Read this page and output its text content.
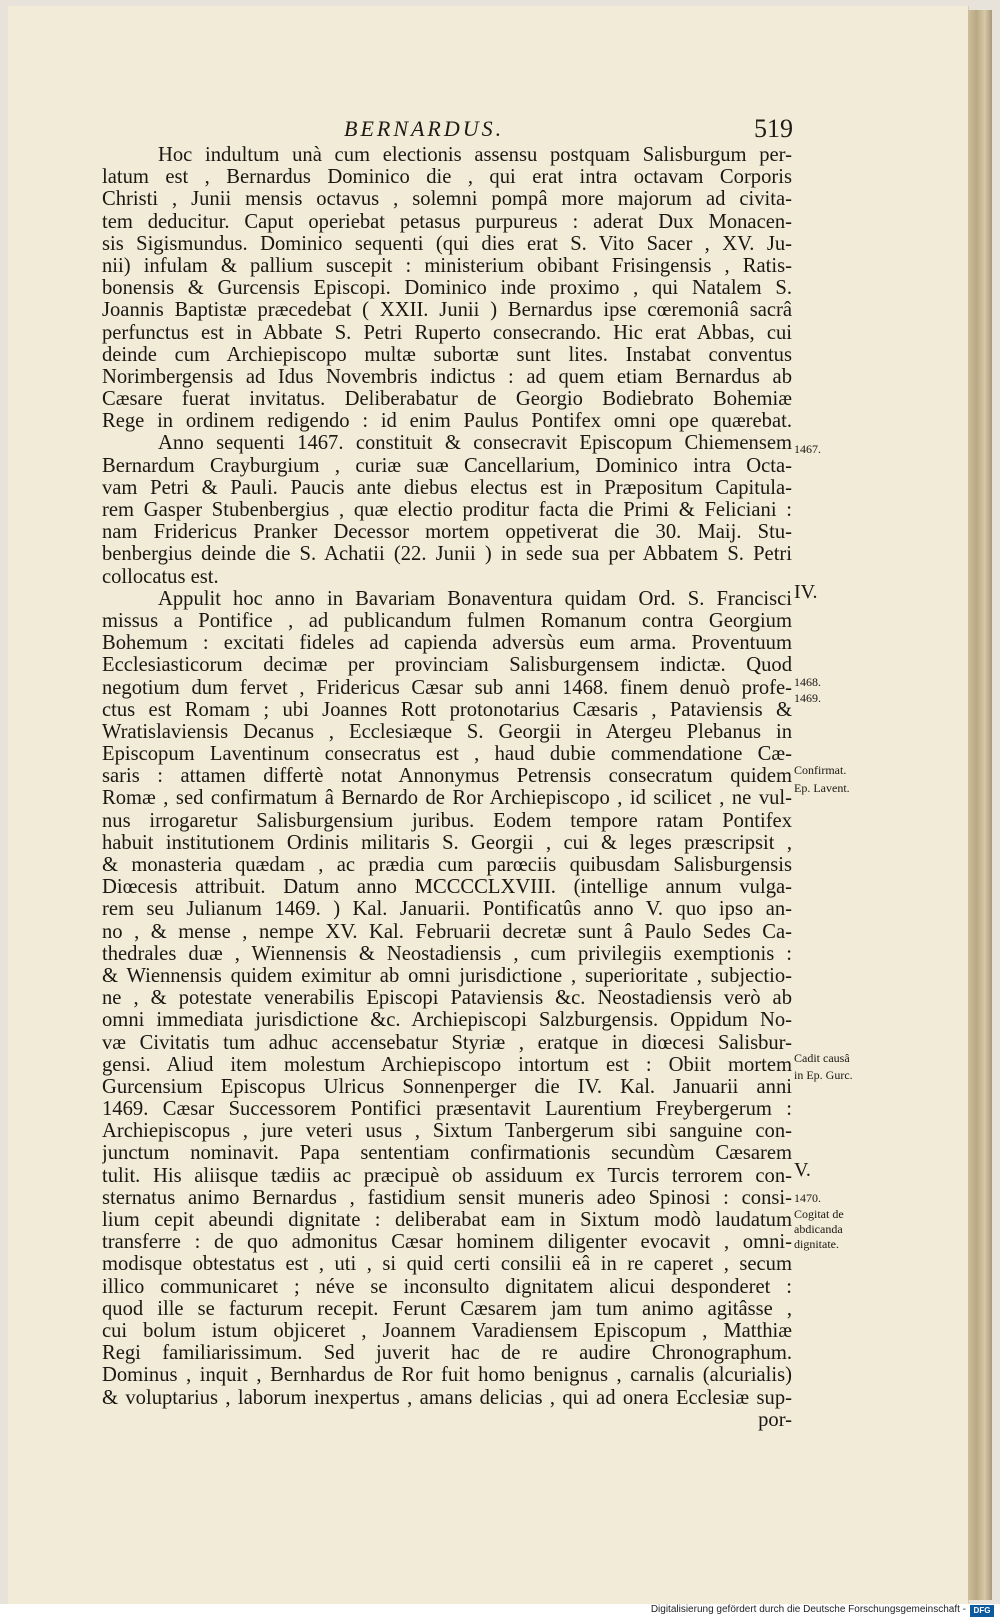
BERNARDUS.	519
Hoc indultum unà cum electionis assensu postquam Salisburgum per-
latum est , Bernardus Dominico die , qui erat intra octavam Corporis
Christi , Junii mensis octavus , solemni pompâ more majorum ad civita-
tem deducitur. Caput operiebat petasus purpureus : aderat Dux Monacen-
sis Sigismundus. Dominico sequenti (qui dies erat S. Vito Sacer , XV. Ju-
nii) infulam & pallium suscepit : ministerium obibant Frisingensis , Ratis-
bonensis & Gurcensis Episcopi. Dominico inde proximo , qui Natalem S.
Joannis Baptistæ præcedebat ( XXII. Junii ) Bernardus ipse cœremoniâ sacrâ
perfunctus est in Abbate S. Petri Ruperto consecrando. Hic erat Abbas, cui
deinde cum Archiepiscopo multæ subortæ sunt lites. Instabat conventus
Norimbergensis ad Idus Novembris indictus : ad quem etiam Bernardus ab
Cæsare fuerat invitatus. Deliberabatur de Georgio Bodiebrato Bohemiæ
Rege in ordinem redigendo : id enim Paulus Pontifex omni ope quærebat.
Anno sequenti 1467. constituit & consecravit Episcopum Chiemensem
Bernardum Crayburgium , curiæ suæ Cancellarium, Dominico intra Octa-
vam Petri & Pauli. Paucis ante diebus electus est in Præpositum Capitula-
rem Gasper Stubenbergius , quæ electio proditur facta die Primi & Feliciani :
nam Fridericus Pranker Decessor mortem oppetiverat die 30. Maij. Stu-
benbergius deinde die S. Achatii (22. Junii ) in sede sua per Abbatem S. Petri
collocatus est.
Appulit hoc anno in Bavariam Bonaventura quidam Ord. S. Francisci
missus a Pontifice , ad publicandum fulmen Romanum contra Georgium
Bohemum : excitati fideles ad capienda adversùs eum arma. Proventuum
Ecclesiasticorum decimæ per provinciam Salisburgensem indictæ. Quod
negotium dum fervet , Fridericus Cæsar sub anni 1468. finem denuò profe-
ctus est Romam ; ubi Joannes Rott protonotarius Cæsaris , Pataviensis &
Wratislaviensis Decanus , Ecclesiæque S. Georgii in Atergeu Plebanus in
Episcopum Laventinum consecratus est , haud dubie commendatione Cæ-
saris : attamen differtè notat Annonymus Petrensis consecratum quidem
Romæ , sed confirmatum â Bernardo de Ror Archiepiscopo , id scilicet , ne vul-
nus irrogaretur Salisburgensium juribus. Eodem tempore ratam Pontifex
habuit institutionem Ordinis militaris S. Georgii , cui & leges præscripsit ,
& monasteria quædam , ac prædia cum parœciis quibusdam Salisburgensis
Diœcesis attribuit. Datum anno MCCCCLXVIII. (intellige annum vulga-
rem seu Julianum 1469. ) Kal. Januarii. Pontificatûs anno V. quo ipso an-
no , & mense , nempe XV. Kal. Februarii decretæ sunt â Paulo Sedes Ca-
thedrales duæ , Wiennensis & Neostadiensis , cum privilegiis exemptionis :
& Wiennensis quidem eximitur ab omni jurisdictione , superioritate , subjectio-
ne , & potestate venerabilis Episcopi Pataviensis &c. Neostadiensis verò ab
omni immediata jurisdictione &c. Archiepiscopi Salzburgensis. Oppidum No-
væ Civitatis tum adhuc accensebatur Styriæ , eratque in diœcesi Salisbur-
gensi. Aliud item molestum Archiepiscopo intortum est : Obiit mortem
Gurcensium Episcopus Ulricus Sonnenperger die IV. Kal. Januarii anni
1469. Cæsar Successorem Pontifici præsentavit Laurentium Freybergerum :
Archiepiscopus , jure veteri usus , Sixtum Tanbergerum sibi sanguine con-
junctum nominavit. Papa sententiam confirmationis secundùm Cæsarem
tulit. His aliisque tædiis ac præcipuè ob assiduum ex Turcis terrorem con-
sternatus animo Bernardus , fastidium sensit muneris adeo Spinosi : consi-
lium cepit abeundi dignitate : deliberabat eam in Sixtum modò laudatum
transferre : de quo admonitus Cæsar hominem diligenter evocavit , omni-
modisque obtestatus est , uti , si quid certi consilii eâ in re caperet , secum
illico communicaret ; néve se inconsulto dignitatem alicui desponderet :
quod ille se facturum recepit. Ferunt Cæsarem jam tum animo agitâsse ,
cui bolum istum objiceret , Joannem Varadiensem Episcopum , Matthiæ
Regi familiarissimum. Sed juverit hac de re audire Chronographum.
Dominus , inquit , Bernhardus de Ror fuit homo benignus , carnalis (alcurialis)
& voluptarius , laborum inexpertus , amans delicias , qui ad onera Ecclesiæ sup-
por-
1467.
IV.
1468.
1469.
Confirmat.
Ep. Lavent.
Cadit causâ
in Ep. Gurc.
V.
1470.
Cogitat de
abdicanda
dignitate.
Digitalisierung gefördert durch die Deutsche Forschungsgemeinschaft - DFG
